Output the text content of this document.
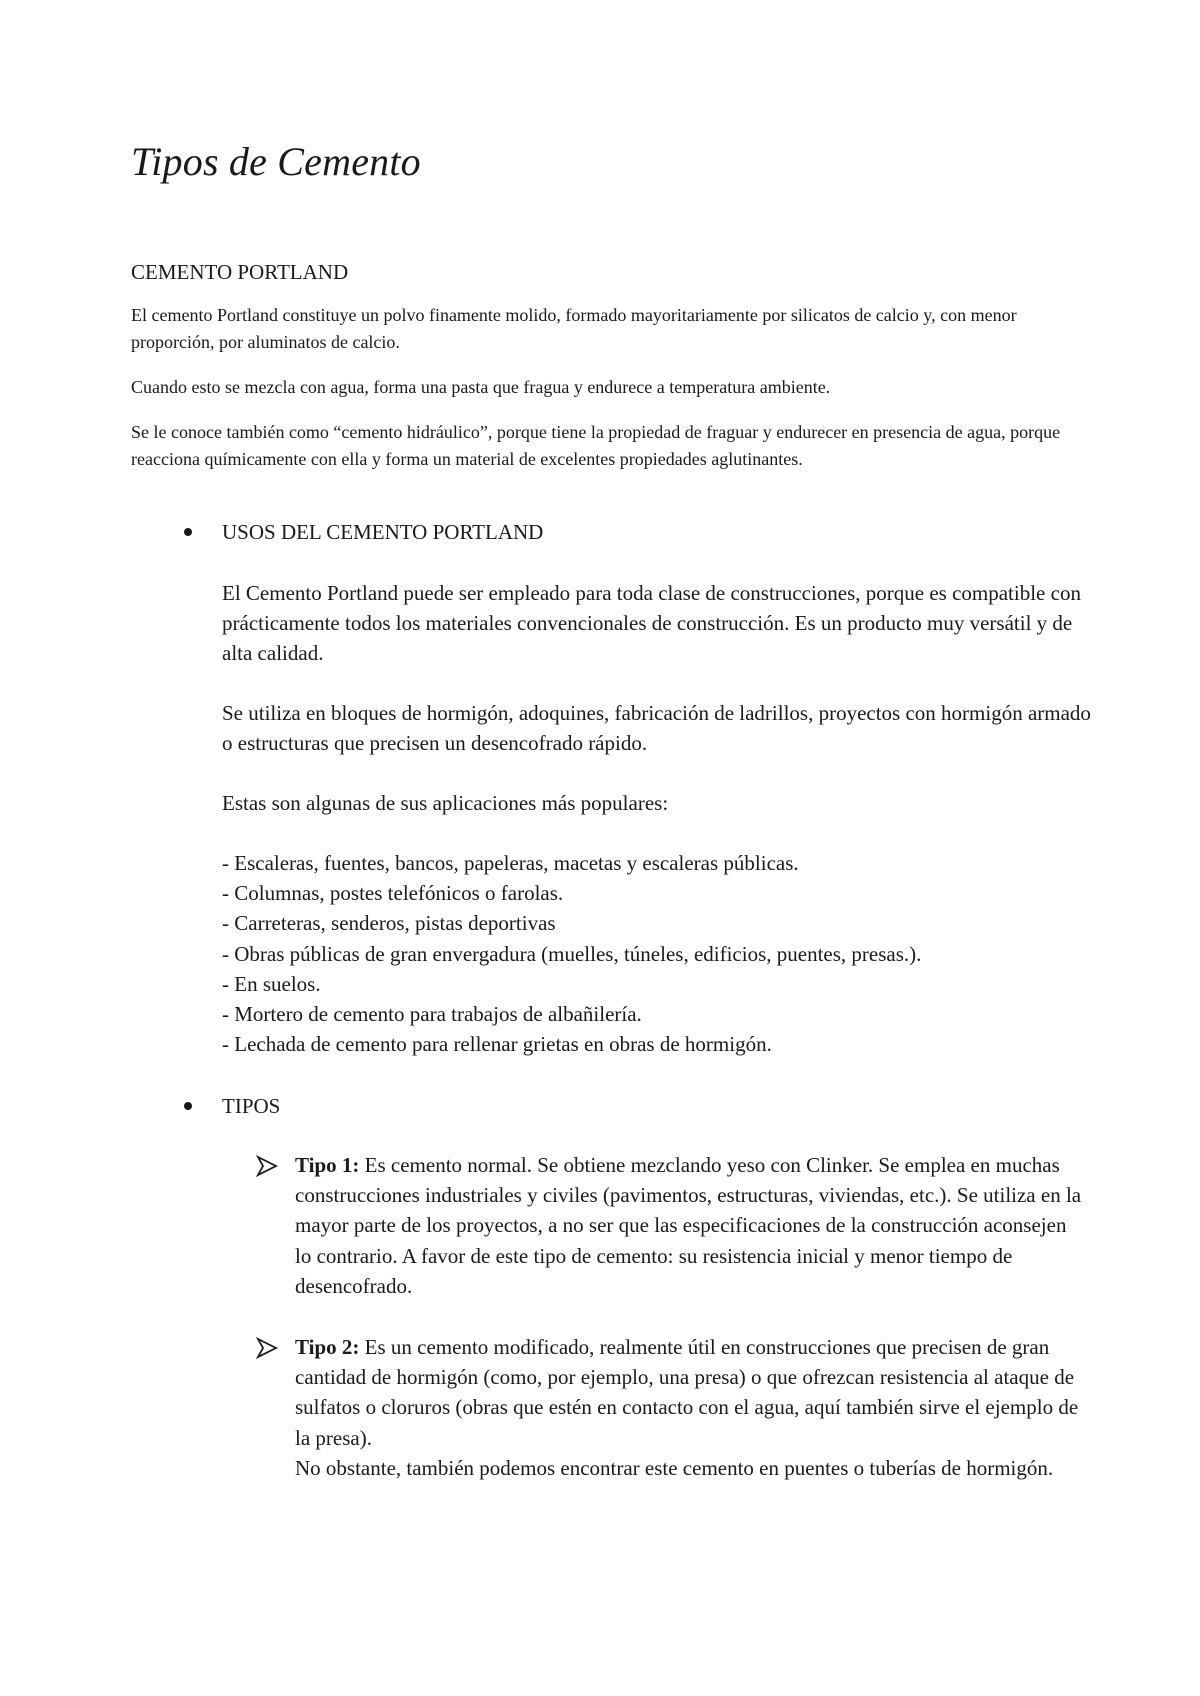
Tipos de Cemento
CEMENTO PORTLAND

El cemento Portland constituye un polvo finamente molido, formado mayoritariamente por silicatos de calcio y, con menor proporción, por aluminatos de calcio.

Cuando esto se mezcla con agua, forma una pasta que fragua y endurece a temperatura ambiente.

Se le conoce también como “cemento hidráulico”, porque tiene la propiedad de fraguar y endurecer en presencia de agua, porque reacciona químicamente con ella y forma un material de excelentes propiedades aglutinantes.

USOS DEL CEMENTO PORTLAND

El Cemento Portland puede ser empleado para toda clase de construcciones, porque es compatible con prácticamente todos los materiales convencionales de construcción. Es un producto muy versátil y de alta calidad.

Se utiliza en bloques de hormigón, adoquines, fabricación de ladrillos, proyectos con hormigón armado o estructuras que precisen un desencofrado rápido.

Estas son algunas de sus aplicaciones más populares:

- Escaleras, fuentes, bancos, papeleras, macetas y escaleras públicas.
- Columnas, postes telefónicos o farolas.
- Carreteras, senderos, pistas deportivas
- Obras públicas de gran envergadura (muelles, túneles, edificios, puentes, presas.).
- En suelos.
- Mortero de cemento para trabajos de albañilería.
- Lechada de cemento para rellenar grietas en obras de hormigón.
TIPOS

Tipo 1: Es cemento normal. Se obtiene mezclando yeso con Clinker. Se emplea en muchas construcciones industriales y civiles (pavimentos, estructuras, viviendas, etc.). Se utiliza en la mayor parte de los proyectos, a no ser que las especificaciones de la construcción aconsejen lo contrario. A favor de este tipo de cemento: su resistencia inicial y menor tiempo de desencofrado.

Tipo 2: Es un cemento modificado, realmente útil en construcciones que precisen de gran cantidad de hormigón (como, por ejemplo, una presa) o que ofrezcan resistencia al ataque de sulfatos o cloruros (obras que estén en contacto con el agua, aquí también sirve el ejemplo de la presa).
No obstante, también podemos encontrar este cemento en puentes o tuberías de hormigón.
